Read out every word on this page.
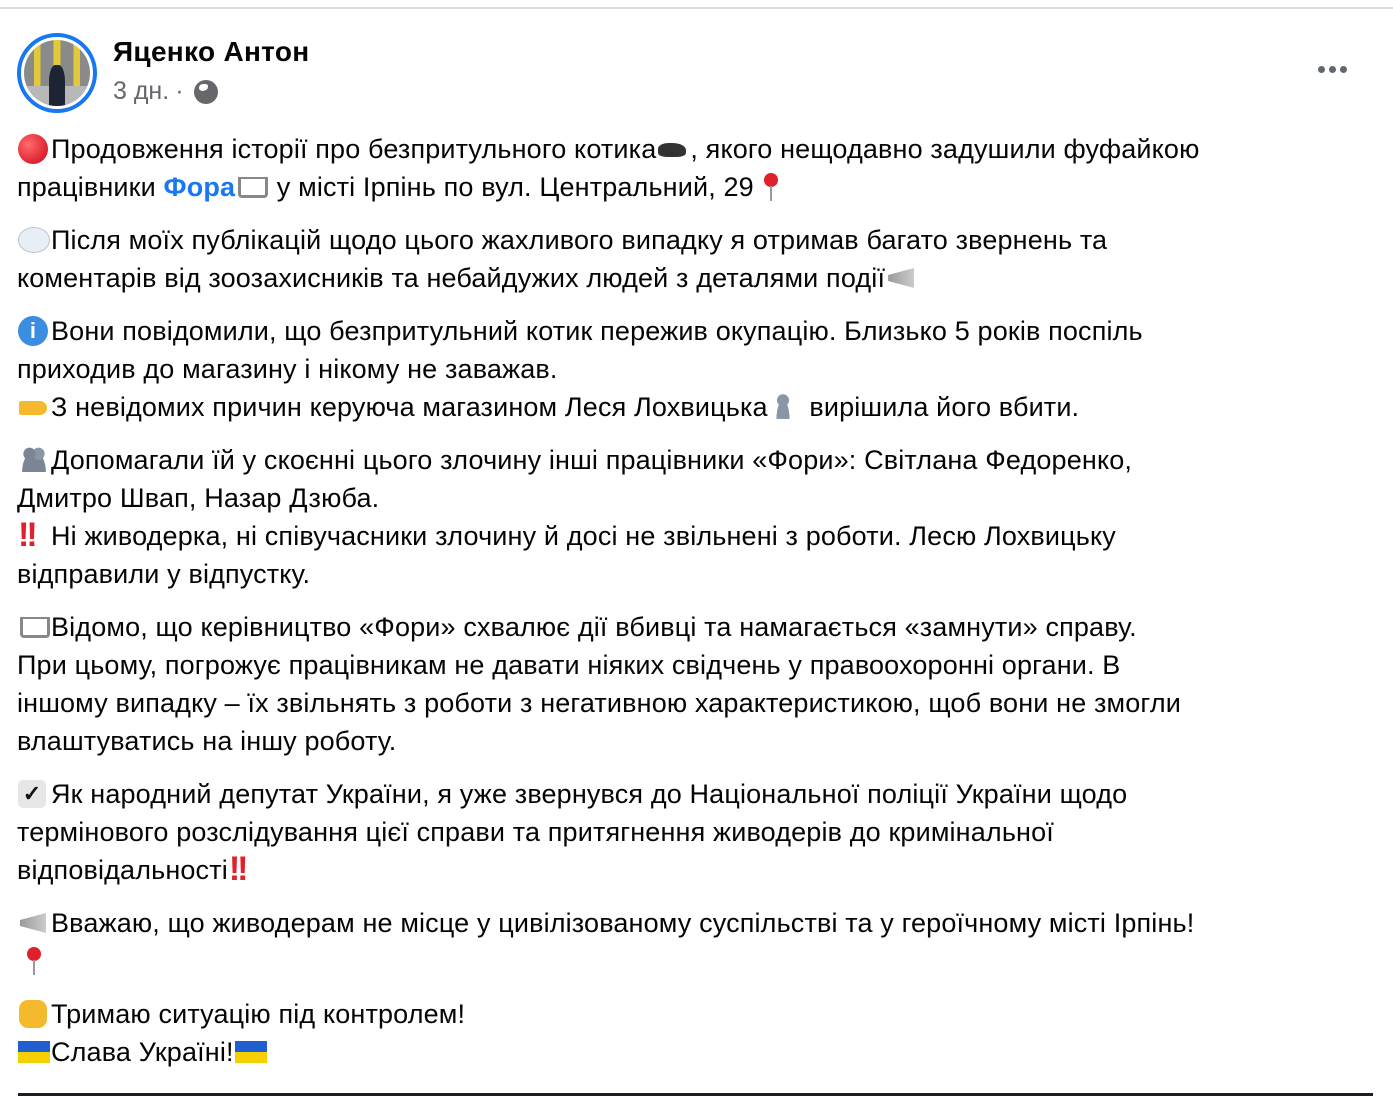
Яценко Антон
3 дн. ·
Продовження історії про безпритульного котика , якого нещодавно задушили фуфайкою
працівники Фора у місті Ірпінь по вул. Центральний, 29
Після моїх публікацій щодо цього жахливого випадку я отримав багато звернень та
коментарів від зоозахисників та небайдужих людей з деталями події
iВони повідомили, що безпритульний котик пережив окупацію. Близько 5 років поспіль
приходив до магазину і нікому не заважав.
З невідомих причин керуюча магазином Леся Лохвицька вирішила його вбити.
Допомагали їй у скоєнні цього злочину інші працівники «Фори»: Світлана Федоренко,
Дмитро Швап, Назар Дзюба.
!!Ні живодерка, ні співучасники злочину й досі не звільнені з роботи. Лесю Лохвицьку
відправили у відпустку.
Відомо, що керівництво «Фори» схвалює дії вбивці та намагається «замнути» справу.
При цьому, погрожує працівникам не давати ніяких свідчень у правоохоронні органи. В
іншому випадку – їх звільнять з роботи з негативною характеристикою, щоб вони не змогли
влаштуватись на іншу роботу.
✓Як народний депутат України, я уже звернувся до Національної поліції України щодо
термінового розслідування цієї справи та притягнення живодерів до кримінальної
відповідальності!!
Вважаю, що живодерам не місце у цивілізованому суспільстві та у героїчному місті Ірпінь!
Тримаю ситуацію під контролем!
Слава Україні!
